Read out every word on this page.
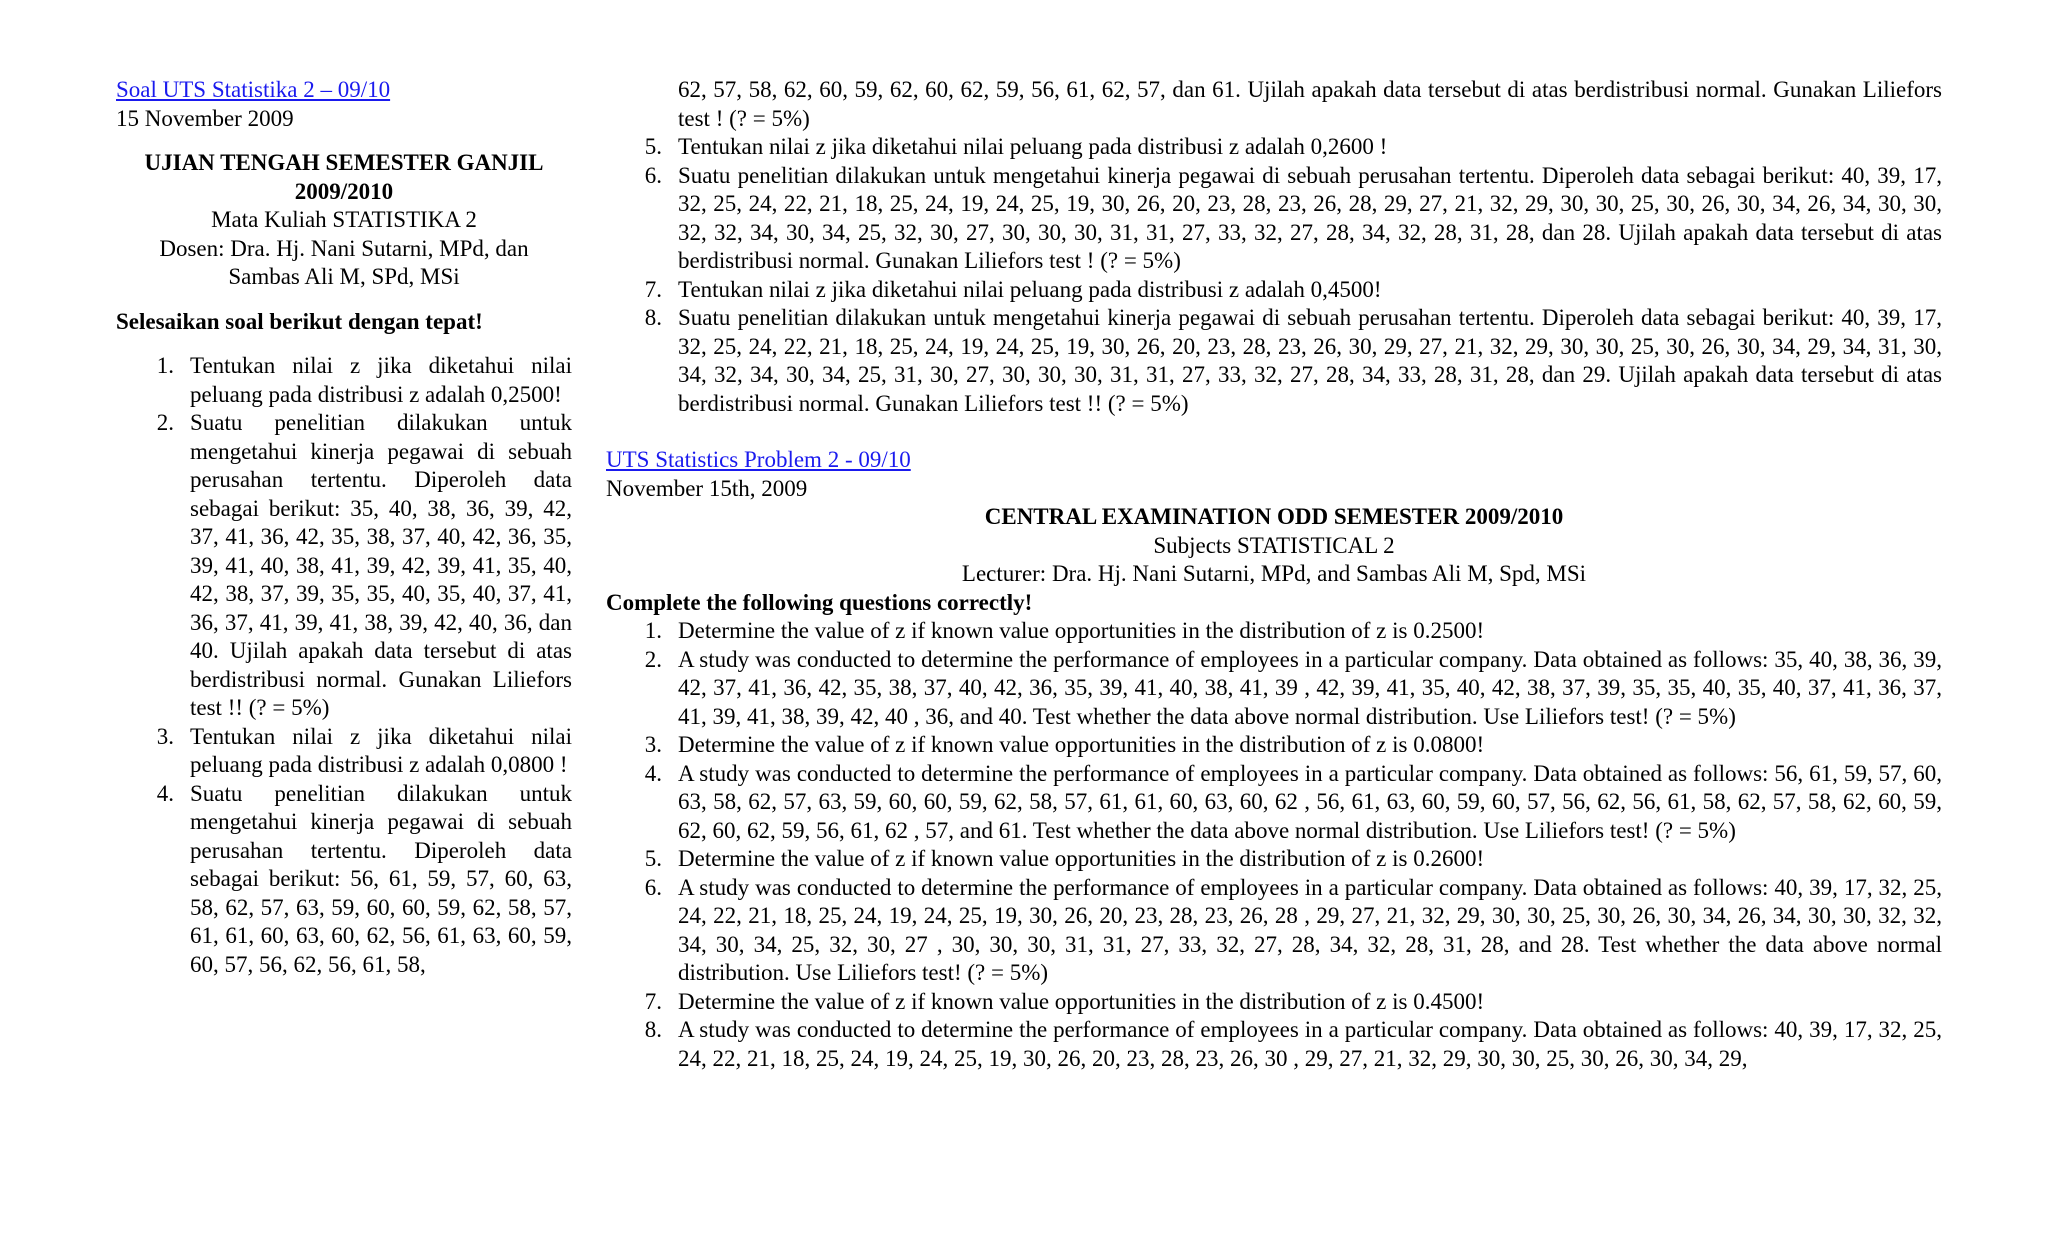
Soal UTS Statistika 2 – 09/10
15 November 2009
UJIAN TENGAH SEMESTER GANJIL 2009/2010
Mata Kuliah STATISTIKA 2
Dosen: Dra. Hj. Nani Sutarni, MPd, dan
Sambas Ali M, SPd, MSi
Selesaikan soal berikut dengan tepat!
1. Tentukan nilai z jika diketahui nilai peluang pada distribusi z adalah 0,2500!
2. Suatu penelitian dilakukan untuk mengetahui kinerja pegawai di sebuah perusahan tertentu. Diperoleh data sebagai berikut: 35, 40, 38, 36, 39, 42, 37, 41, 36, 42, 35, 38, 37, 40, 42, 36, 35, 39, 41, 40, 38, 41, 39, 42, 39, 41, 35, 40, 42, 38, 37, 39, 35, 35, 40, 35, 40, 37, 41, 36, 37, 41, 39, 41, 38, 39, 42, 40, 36, dan 40. Ujilah apakah data tersebut di atas berdistribusi normal. Gunakan Liliefors test !! (? = 5%)
3. Tentukan nilai z jika diketahui nilai peluang pada distribusi z adalah 0,0800 !
4. Suatu penelitian dilakukan untuk mengetahui kinerja pegawai di sebuah perusahan tertentu. Diperoleh data sebagai berikut: 56, 61, 59, 57, 60, 63, 58, 62, 57, 63, 59, 60, 60, 59, 62, 58, 57, 61, 61, 60, 63, 60, 62, 56, 61, 63, 60, 59, 60, 57, 56, 62, 56, 61, 58,
62, 57, 58, 62, 60, 59, 62, 60, 62, 59, 56, 61, 62, 57, dan 61. Ujilah apakah data tersebut di atas berdistribusi normal. Gunakan Liliefors test ! (? = 5%)
5. Tentukan nilai z jika diketahui nilai peluang pada distribusi z adalah 0,2600 !
6. Suatu penelitian dilakukan untuk mengetahui kinerja pegawai di sebuah perusahan tertentu. Diperoleh data sebagai berikut: 40, 39, 17, 32, 25, 24, 22, 21, 18, 25, 24, 19, 24, 25, 19, 30, 26, 20, 23, 28, 23, 26, 28, 29, 27, 21, 32, 29, 30, 30, 25, 30, 26, 30, 34, 26, 34, 30, 30, 32, 32, 34, 30, 34, 25, 32, 30, 27, 30, 30, 30, 31, 31, 27, 33, 32, 27, 28, 34, 32, 28, 31, 28, dan 28. Ujilah apakah data tersebut di atas berdistribusi normal. Gunakan Liliefors test ! (? = 5%)
7. Tentukan nilai z jika diketahui nilai peluang pada distribusi z adalah 0,4500!
8. Suatu penelitian dilakukan untuk mengetahui kinerja pegawai di sebuah perusahan tertentu. Diperoleh data sebagai berikut: 40, 39, 17, 32, 25, 24, 22, 21, 18, 25, 24, 19, 24, 25, 19, 30, 26, 20, 23, 28, 23, 26, 30, 29, 27, 21, 32, 29, 30, 30, 25, 30, 26, 30, 34, 29, 34, 31, 30, 34, 32, 34, 30, 34, 25, 31, 30, 27, 30, 30, 30, 31, 31, 27, 33, 32, 27, 28, 34, 33, 28, 31, 28, dan 29. Ujilah apakah data tersebut di atas berdistribusi normal. Gunakan Liliefors test !! (? = 5%)
UTS Statistics Problem 2 - 09/10
November 15th, 2009
CENTRAL EXAMINATION ODD SEMESTER 2009/2010
Subjects STATISTICAL 2
Lecturer: Dra. Hj. Nani Sutarni, MPd, and Sambas Ali M, Spd, MSi
Complete the following questions correctly!
1. Determine the value of z if known value opportunities in the distribution of z is 0.2500!
2. A study was conducted to determine the performance of employees in a particular company. Data obtained as follows: 35, 40, 38, 36, 39, 42, 37, 41, 36, 42, 35, 38, 37, 40, 42, 36, 35, 39, 41, 40, 38, 41, 39 , 42, 39, 41, 35, 40, 42, 38, 37, 39, 35, 35, 40, 35, 40, 37, 41, 36, 37, 41, 39, 41, 38, 39, 42, 40 , 36, and 40. Test whether the data above normal distribution. Use Liliefors test! (? = 5%)
3. Determine the value of z if known value opportunities in the distribution of z is 0.0800!
4. A study was conducted to determine the performance of employees in a particular company. Data obtained as follows: 56, 61, 59, 57, 60, 63, 58, 62, 57, 63, 59, 60, 60, 59, 62, 58, 57, 61, 61, 60, 63, 60, 62 , 56, 61, 63, 60, 59, 60, 57, 56, 62, 56, 61, 58, 62, 57, 58, 62, 60, 59, 62, 60, 62, 59, 56, 61, 62 , 57, and 61. Test whether the data above normal distribution. Use Liliefors test! (? = 5%)
5. Determine the value of z if known value opportunities in the distribution of z is 0.2600!
6. A study was conducted to determine the performance of employees in a particular company. Data obtained as follows: 40, 39, 17, 32, 25, 24, 22, 21, 18, 25, 24, 19, 24, 25, 19, 30, 26, 20, 23, 28, 23, 26, 28 , 29, 27, 21, 32, 29, 30, 30, 25, 30, 26, 30, 34, 26, 34, 30, 30, 32, 32, 34, 30, 34, 25, 32, 30, 27 , 30, 30, 30, 31, 31, 27, 33, 32, 27, 28, 34, 32, 28, 31, 28, and 28. Test whether the data above normal distribution. Use Liliefors test! (? = 5%)
7. Determine the value of z if known value opportunities in the distribution of z is 0.4500!
8. A study was conducted to determine the performance of employees in a particular company. Data obtained as follows: 40, 39, 17, 32, 25, 24, 22, 21, 18, 25, 24, 19, 24, 25, 19, 30, 26, 20, 23, 28, 23, 26, 30 , 29, 27, 21, 32, 29, 30, 30, 25, 30, 26, 30, 34, 29,
